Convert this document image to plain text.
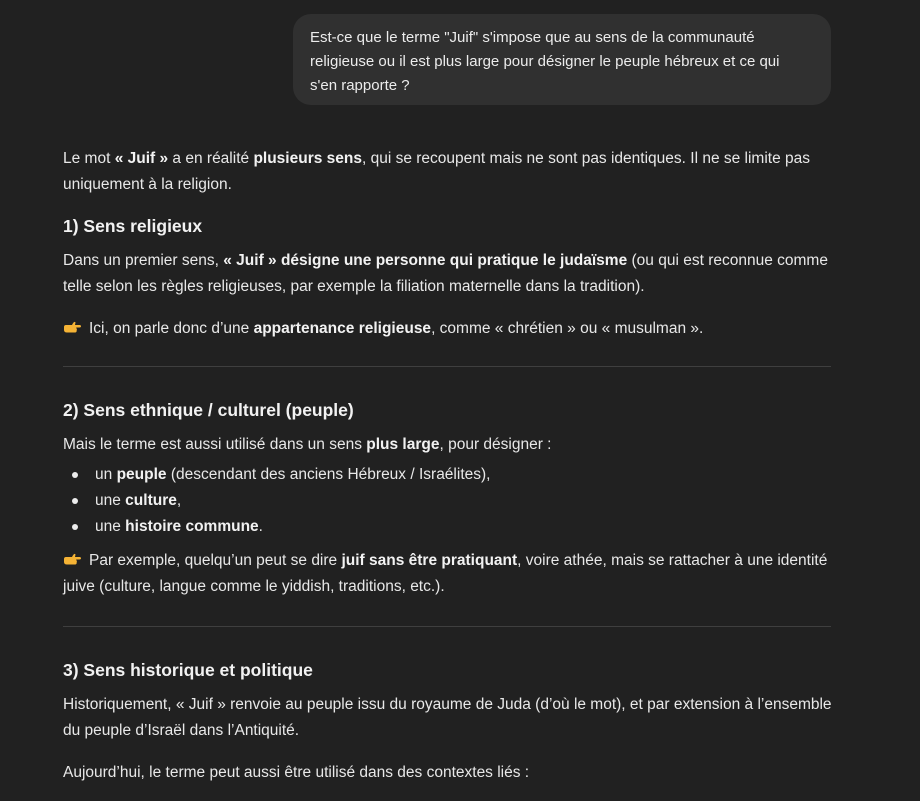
Est-ce que le terme "Juif" s'impose que au sens de la communauté
religieuse ou il est plus large pour désigner le peuple hébreux et ce qui
s'en rapporte ?

Le mot « Juif » a en réalité plusieurs sens, qui se recoupent mais ne sont pas identiques. Il ne se limite pas uniquement à la religion.

1) Sens religieux

Dans un premier sens, « Juif » désigne une personne qui pratique le judaïsme (ou qui est reconnue comme telle selon les règles religieuses, par exemple la filiation maternelle dans la tradition).

Ici, on parle donc d’une appartenance religieuse, comme « chrétien » ou « musulman ».

2) Sens ethnique / culturel (peuple)

Mais le terme est aussi utilisé dans un sens plus large, pour désigner :

un peuple (descendant des anciens Hébreux / Israélites),
une culture,
une histoire commune.

Par exemple, quelqu’un peut se dire juif sans être pratiquant, voire athée, mais se rattacher à une identité juive (culture, langue comme le yiddish, traditions, etc.).

3) Sens historique et politique

Historiquement, « Juif » renvoie au peuple issu du royaume de Juda (d’où le mot), et par extension à l’ensemble du peuple d’Israël dans l’Antiquité.

Aujourd’hui, le terme peut aussi être utilisé dans des contextes liés :
